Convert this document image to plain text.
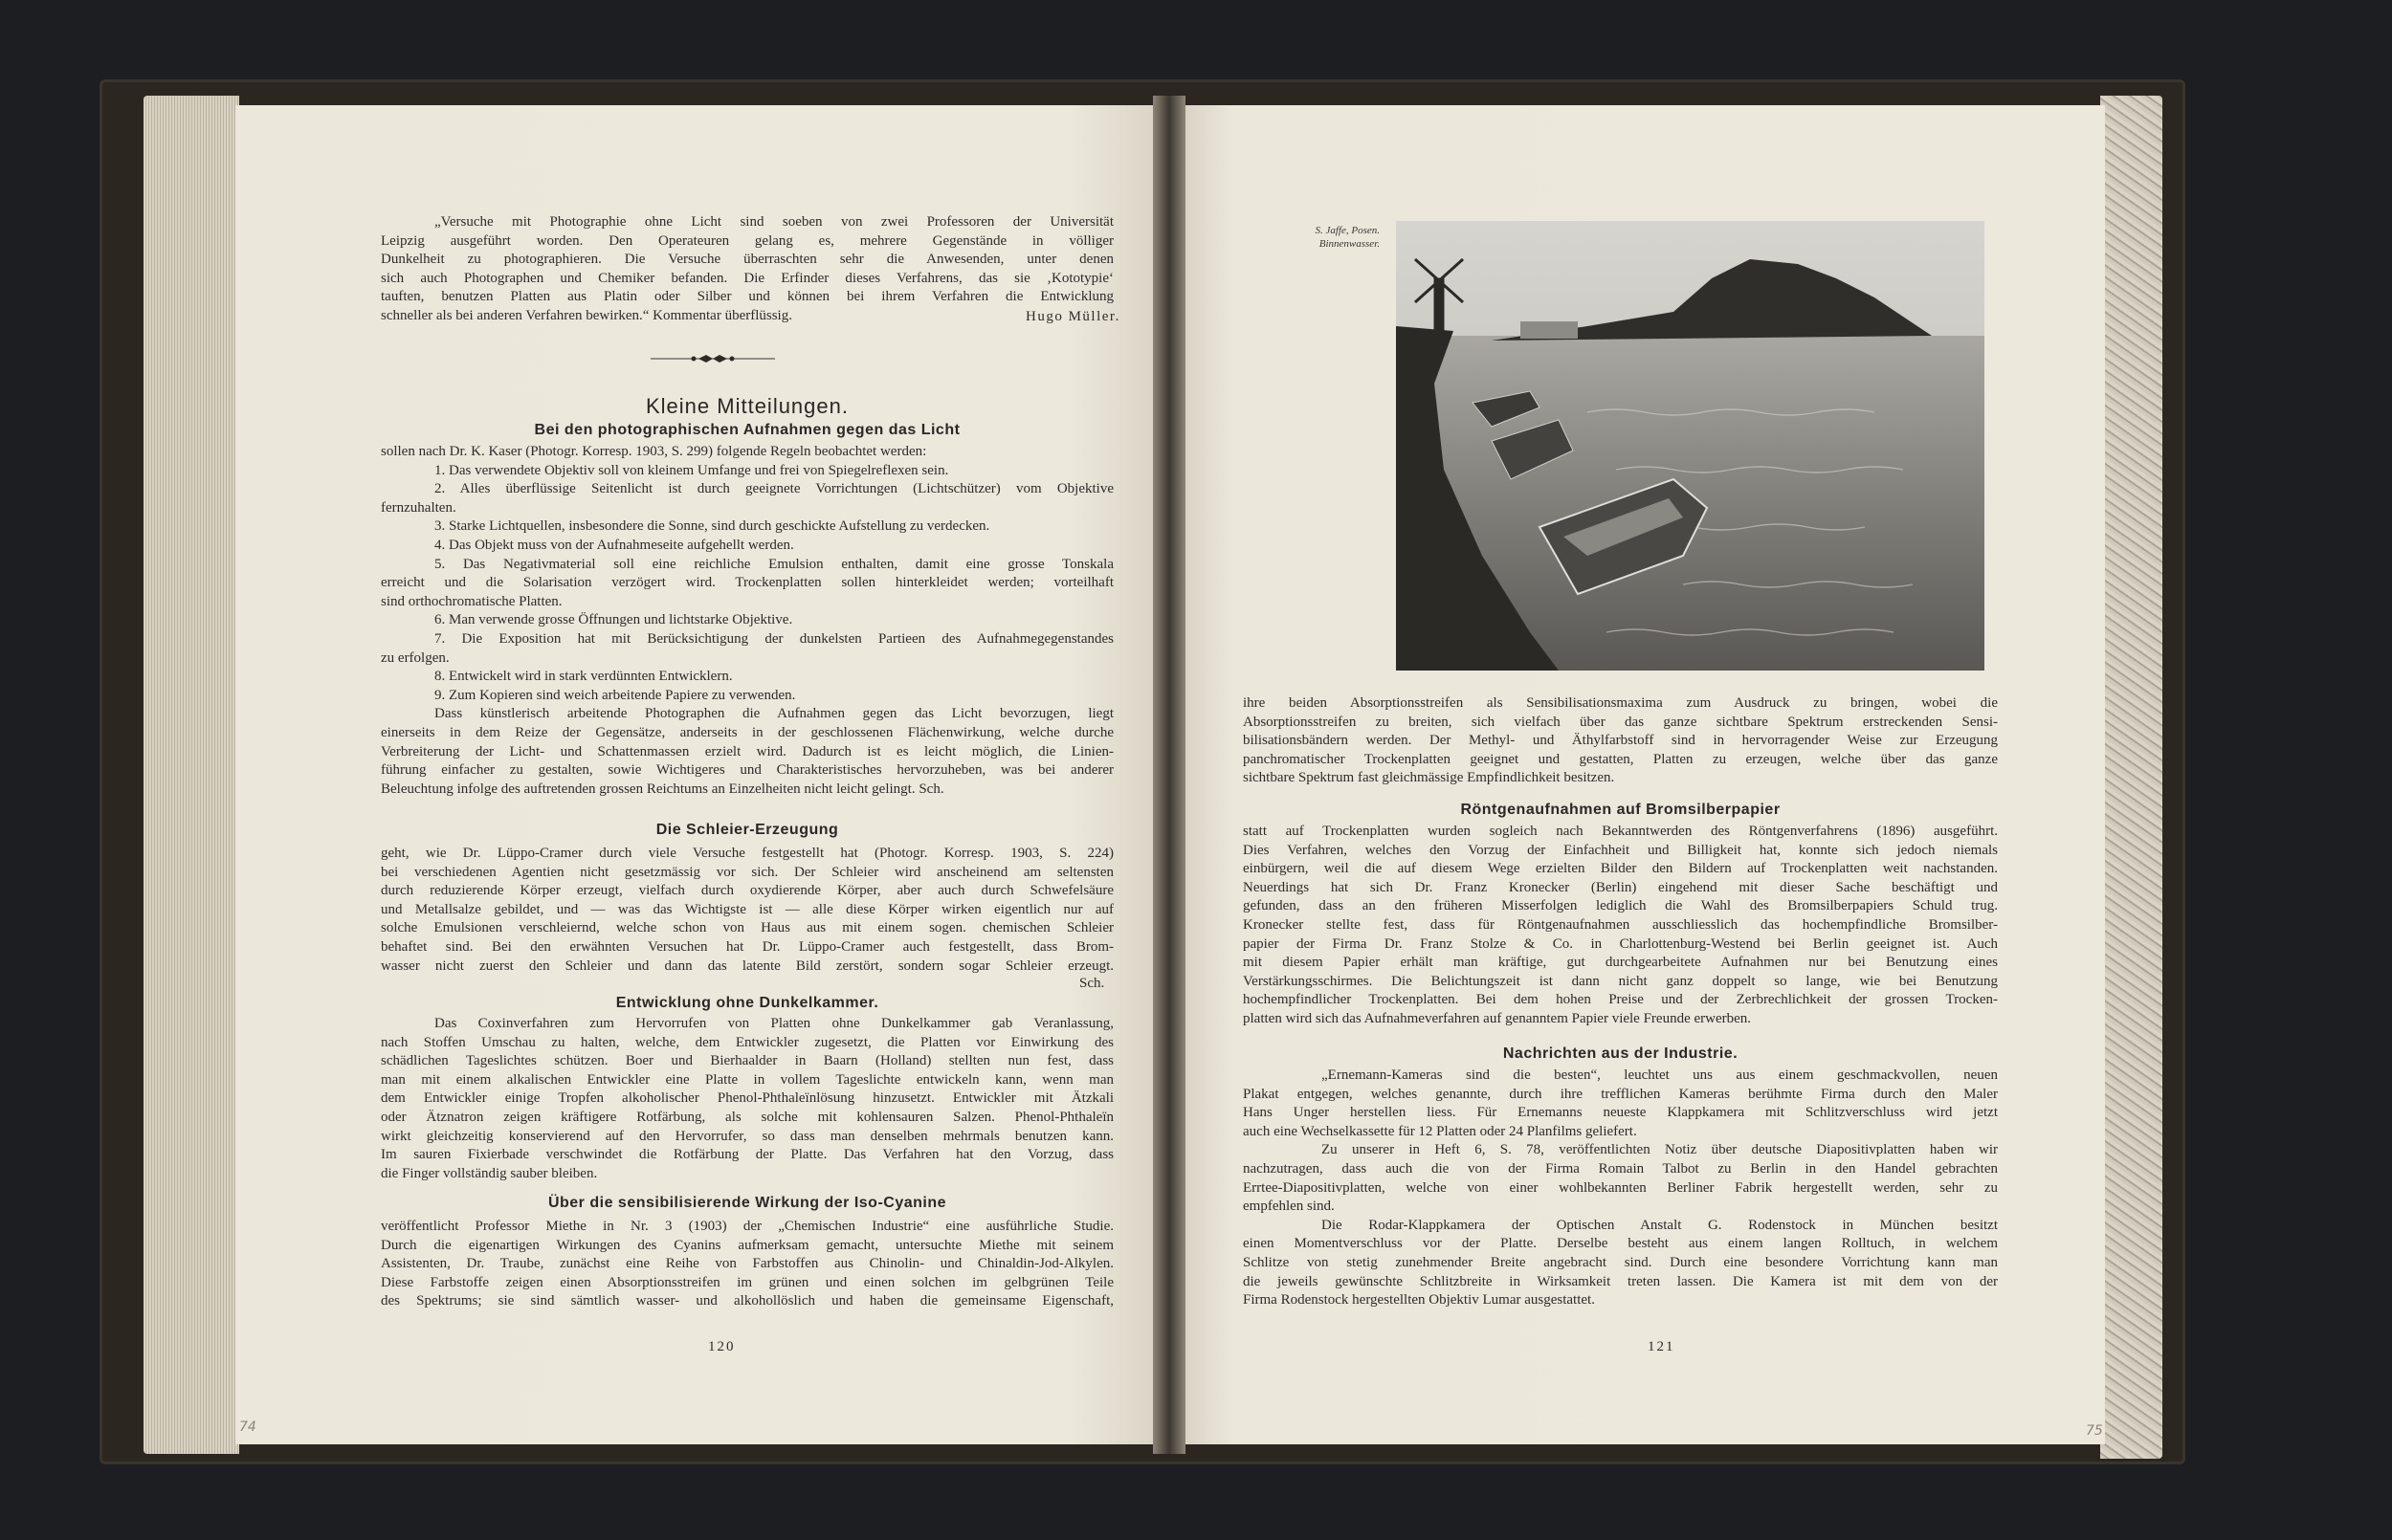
„Versuche mit Photographie ohne Licht sind soeben von zwei Professoren der Universität
Leipzig ausgeführt worden. Den Operateuren gelang es, mehrere Gegenstände in völliger
Dunkelheit zu photographieren. Die Versuche überraschten sehr die Anwesenden, unter denen
sich auch Photographen und Chemiker befanden. Die Erfinder dieses Verfahrens, das sie ‚Kototypie‘
tauften, benutzen Platten aus Platin oder Silber und können bei ihrem Verfahren die Entwicklung
schneller als bei anderen Verfahren bewirken.“ Kommentar überflüssig.	Hugo Müller.
Kleine Mitteilungen.
Bei den photographischen Aufnahmen gegen das Licht
sollen nach Dr. K. Kaser (Photogr. Korresp. 1903, S. 299) folgende Regeln beobachtet werden:
1. Das verwendete Objektiv soll von kleinem Umfange und frei von Spiegelreflexen sein.
2. Alles überflüssige Seitenlicht ist durch geeignete Vorrichtungen (Lichtschützer) vom Objektive
fernzuhalten.
3. Starke Lichtquellen, insbesondere die Sonne, sind durch geschickte Aufstellung zu verdecken.
4. Das Objekt muss von der Aufnahmeseite aufgehellt werden.
5. Das Negativmaterial soll eine reichliche Emulsion enthalten, damit eine grosse Tonskala
erreicht und die Solarisation verzögert wird. Trockenplatten sollen hinterkleidet werden; vorteilhaft
sind orthochromatische Platten.
6. Man verwende grosse Öffnungen und lichtstarke Objektive.
7. Die Exposition hat mit Berücksichtigung der dunkelsten Partieen des Aufnahmegegenstandes
zu erfolgen.
8. Entwickelt wird in stark verdünnten Entwicklern.
9. Zum Kopieren sind weich arbeitende Papiere zu verwenden.
Dass künstlerisch arbeitende Photographen die Aufnahmen gegen das Licht bevorzugen, liegt
einerseits in dem Reize der Gegensätze, anderseits in der geschlossenen Flächenwirkung, welche durche
Verbreiterung der Licht- und Schattenmassen erzielt wird. Dadurch ist es leicht möglich, die Linien-
führung einfacher zu gestalten, sowie Wichtigeres und Charakteristisches hervorzuheben, was bei anderer
Beleuchtung infolge des auftretenden grossen Reichtums an Einzelheiten nicht leicht gelingt. Sch.
Die Schleier-Erzeugung
geht, wie Dr. Lüppo-Cramer durch viele Versuche festgestellt hat (Photogr. Korresp. 1903, S. 224)
bei verschiedenen Agentien nicht gesetzmässig vor sich. Der Schleier wird anscheinend am seltensten
durch reduzierende Körper erzeugt, vielfach durch oxydierende Körper, aber auch durch Schwefelsäure
und Metallsalze gebildet, und — was das Wichtigste ist — alle diese Körper wirken eigentlich nur auf
solche Emulsionen verschleiernd, welche schon von Haus aus mit einem sogen. chemischen Schleier
behaftet sind. Bei den erwähnten Versuchen hat Dr. Lüppo-Cramer auch festgestellt, dass Brom-
wasser nicht zuerst den Schleier und dann das latente Bild zerstört, sondern sogar Schleier erzeugt.
Sch.
Entwicklung ohne Dunkelkammer.
Das Coxinverfahren zum Hervorrufen von Platten ohne Dunkelkammer gab Veranlassung,
nach Stoffen Umschau zu halten, welche, dem Entwickler zugesetzt, die Platten vor Einwirkung des
schädlichen Tageslichtes schützen. Boer und Bierhaalder in Baarn (Holland) stellten nun fest, dass
man mit einem alkalischen Entwickler eine Platte in vollem Tageslichte entwickeln kann, wenn man
dem Entwickler einige Tropfen alkoholischer Phenol-Phthaleïnlösung hinzusetzt. Entwickler mit Ätzkali
oder Ätznatron zeigen kräftigere Rotfärbung, als solche mit kohlensauren Salzen. Phenol-Phthaleïn
wirkt gleichzeitig konservierend auf den Hervorrufer, so dass man denselben mehrmals benutzen kann.
Im sauren Fixierbade verschwindet die Rotfärbung der Platte. Das Verfahren hat den Vorzug, dass
die Finger vollständig sauber bleiben.
Über die sensibilisierende Wirkung der Iso-Cyanine
veröffentlicht Professor Miethe in Nr. 3 (1903) der „Chemischen Industrie“ eine ausführliche Studie.
Durch die eigenartigen Wirkungen des Cyanins aufmerksam gemacht, untersuchte Miethe mit seinem
Assistenten, Dr. Traube, zunächst eine Reihe von Farbstoffen aus Chinolin- und Chinaldin-Jod-Alkylen.
Diese Farbstoffe zeigen einen Absorptionsstreifen im grünen und einen solchen im gelbgrünen Teile
des Spektrums; sie sind sämtlich wasser- und alkohollöslich und haben die gemeinsame Eigenschaft,
120
74
S. Jaffe, Posen.
Binnenwasser.
ihre beiden Absorptionsstreifen als Sensibilisationsmaxima zum Ausdruck zu bringen, wobei die
Absorptionsstreifen zu breiten, sich vielfach über das ganze sichtbare Spektrum erstreckenden Sensi-
bilisationsbändern werden. Der Methyl- und Äthylfarbstoff sind in hervorragender Weise zur Erzeugung
panchromatischer Trockenplatten geeignet und gestatten, Platten zu erzeugen, welche über das ganze
sichtbare Spektrum fast gleichmässige Empfindlichkeit besitzen.
Röntgenaufnahmen auf Bromsilberpapier
statt auf Trockenplatten wurden sogleich nach Bekanntwerden des Röntgenverfahrens (1896) ausgeführt.
Dies Verfahren, welches den Vorzug der Einfachheit und Billigkeit hat, konnte sich jedoch niemals
einbürgern, weil die auf diesem Wege erzielten Bilder den Bildern auf Trockenplatten weit nachstanden.
Neuerdings hat sich Dr. Franz Kronecker (Berlin) eingehend mit dieser Sache beschäftigt und
gefunden, dass an den früheren Misserfolgen lediglich die Wahl des Bromsilberpapiers Schuld trug.
Kronecker stellte fest, dass für Röntgenaufnahmen ausschliesslich das hochempfindliche Bromsilber-
papier der Firma Dr. Franz Stolze & Co. in Charlottenburg-Westend bei Berlin geeignet ist. Auch
mit diesem Papier erhält man kräftige, gut durchgearbeitete Aufnahmen nur bei Benutzung eines
Verstärkungsschirmes. Die Belichtungszeit ist dann nicht ganz doppelt so lange, wie bei Benutzung
hochempfindlicher Trockenplatten. Bei dem hohen Preise und der Zerbrechlichkeit der grossen Trocken-
platten wird sich das Aufnahmeverfahren auf genanntem Papier viele Freunde erwerben.
Nachrichten aus der Industrie.
„Ernemann-Kameras sind die besten“, leuchtet uns aus einem geschmackvollen, neuen
Plakat entgegen, welches genannte, durch ihre trefflichen Kameras berühmte Firma durch den Maler
Hans Unger herstellen liess. Für Ernemanns neueste Klappkamera mit Schlitzverschluss wird jetzt
auch eine Wechselkassette für 12 Platten oder 24 Planfilms geliefert.
Zu unserer in Heft 6, S. 78, veröffentlichten Notiz über deutsche Diapositivplatten haben wir
nachzutragen, dass auch die von der Firma Romain Talbot zu Berlin in den Handel gebrachten
Errtee-Diapositivplatten, welche von einer wohlbekannten Berliner Fabrik hergestellt werden, sehr zu
empfehlen sind.
Die Rodar-Klappkamera der Optischen Anstalt G. Rodenstock in München besitzt
einen Momentverschluss vor der Platte. Derselbe besteht aus einem langen Rolltuch, in welchem
Schlitze von stetig zunehmender Breite angebracht sind. Durch eine besondere Vorrichtung kann man
die jeweils gewünschte Schlitzbreite in Wirksamkeit treten lassen. Die Kamera ist mit dem von der
Firma Rodenstock hergestellten Objektiv Lumar ausgestattet.
121
75
